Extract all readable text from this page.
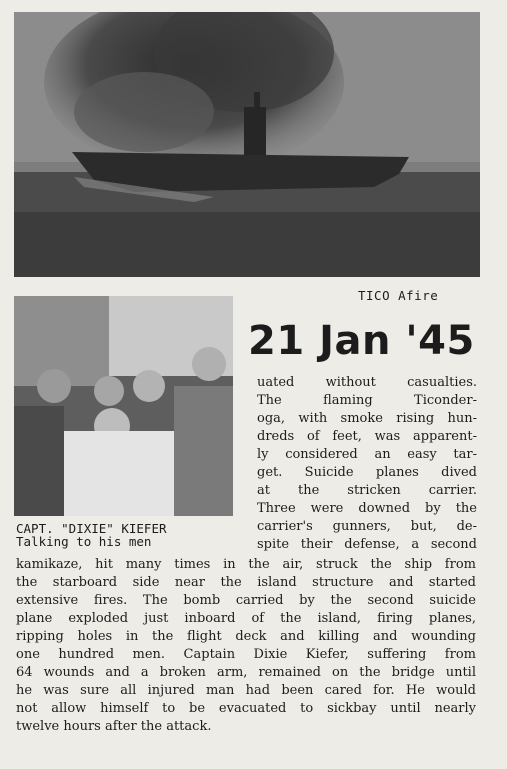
TICO Afire
CAPT. "DIXIE" KIEFER
Talking to his men
21 Jan '45
uated without casualties.
The flaming Ticonder-
oga, with smoke rising hun-
dreds of feet, was apparent-
ly considered an easy tar-
get. Suicide planes dived
at the stricken carrier.
Three were downed by the
carrier's gunners, but, de-
spite their defense, a second
kamikaze, hit many times in the air, struck the ship from
the starboard side near the island structure and started
extensive fires. The bomb carried by the second suicide
plane exploded just inboard of the island, firing planes,
ripping holes in the flight deck and killing and wounding
one hundred men. Captain Dixie Kiefer, suffering from
64 wounds and a broken arm, remained on the bridge until
he was sure all injured man had been cared for. He would
not allow himself to be evacuated to sickbay until nearly
twelve hours after the attack.
